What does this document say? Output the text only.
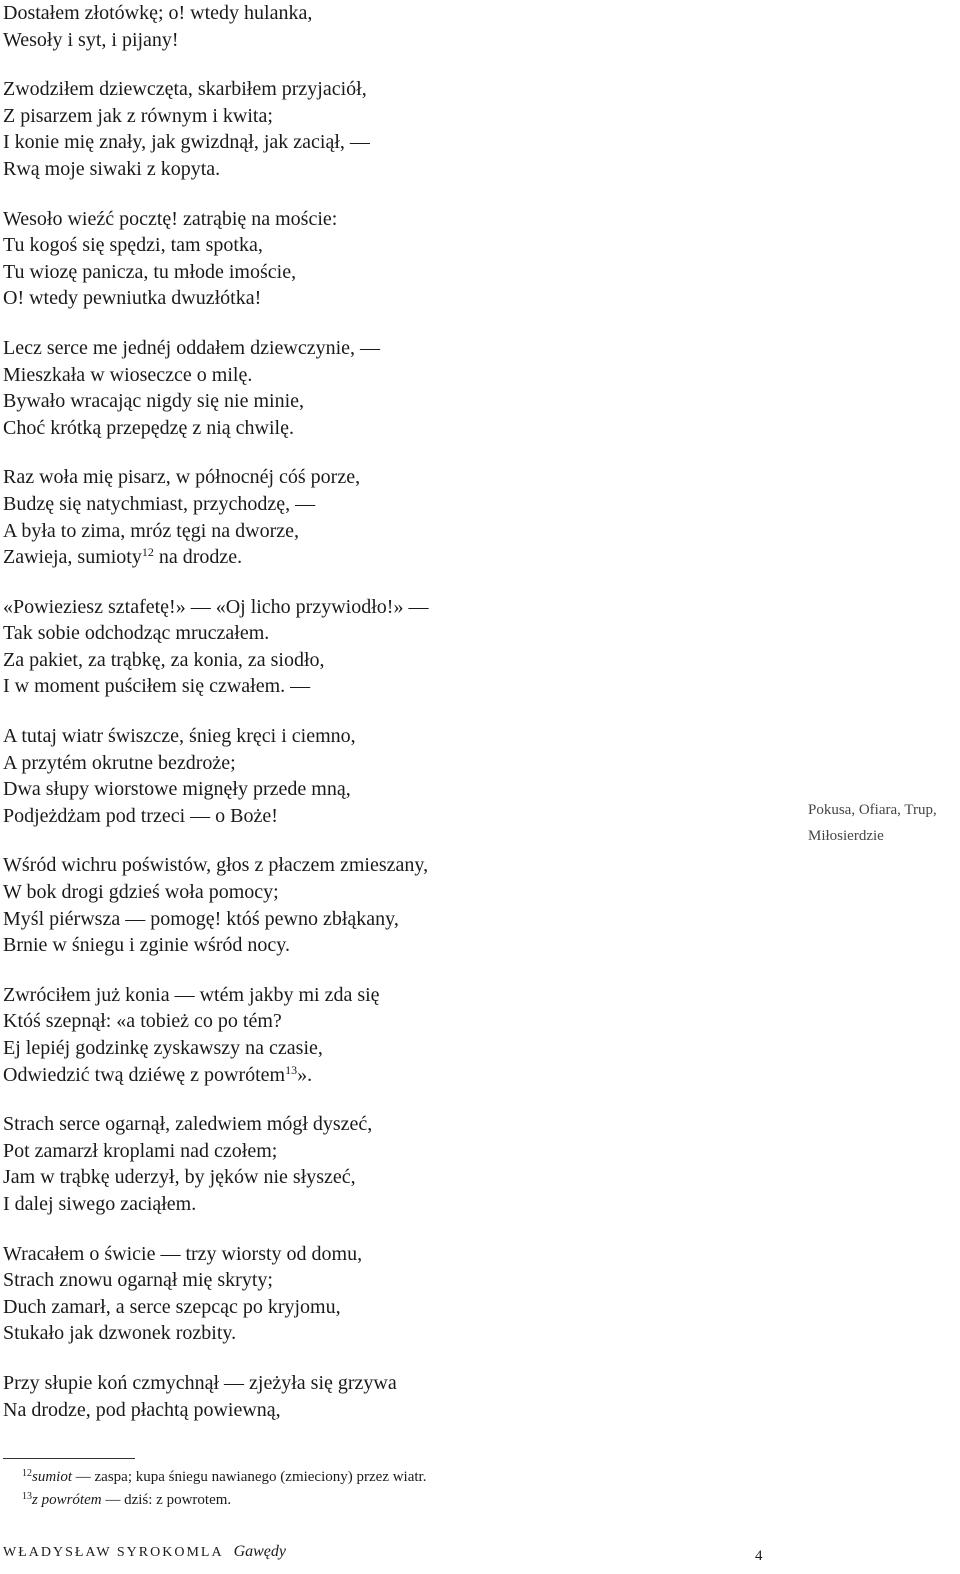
Dostałem złotówkę; o! wtedy hulanka,
Wesoły i syt, i pijany!
Zwodziłem dziewczęta, skarbiłem przyjaciół,
Z pisarzem jak z równym i kwita;
I konie mię znały, jak gwizdnął, jak zaciął, —
Rwą moje siwaki z kopyta.
Wesoło wieźć pocztę! zatrąbię na moście:
Tu kogoś się spędzi, tam spotka,
Tu wiozę panicza, tu młode imoście,
O! wtedy pewniutka dwuzłótka!
Lecz serce me jednéj oddałem dziewczynie, —
Mieszkała w wioseczce o milę.
Bywało wracając nigdy się nie minie,
Choć krótką przepędzę z nią chwilę.
Raz woła mię pisarz, w północnéj cóś porze,
Budzę się natychmiast, przychodzę, —
A była to zima, mróz tęgi na dworze,
Zawieja, sumioty$^{12}$ na drodze.
«Powieziesz sztafetę!» — «Oj licho przywiodło!» —
Tak sobie odchodząc mruczałem.
Za pakiet, za trąbkę, za konia, za siodło,
I w moment puściłem się czwałem. —
A tutaj wiatr świszcze, śnieg kręci i ciemno,
A przytém okrutne bezdroże;
Dwa słupy wiorstowe mignęły przede mną,
Podjeżdżam pod trzeci — o Boże!
Wśród wichru poświstów, głos z płaczem zmieszany,
W bok drogi gdzieś woła pomocy;
Myśl piérwsza — pomogę! któś pewno zbłąkany,
Brnie w śniegu i zginie wśród nocy.
Zwróciłem już konia — wtém jakby mi zda się
Któś szepnął: «a tobież co po tém?
Ej lepiéj godzinkę zyskawszy na czasie,
Odwiedzić twą dziéwę z powrótem$^{13}$».
Strach serce ogarnął, zaledwiem mógł dyszeć,
Pot zamarzł kroplami nad czołem;
Jam w trąbkę uderzył, by jęków nie słyszeć,
I dalej siwego zaciąłem.
Wracałem o świcie — trzy wiorsty od domu,
Strach znowu ogarnął mię skryty;
Duch zamarł, a serce szepcąc po kryjomu,
Stukało jak dzwonek rozbity.
Przy słupie koń czmychnął — zjeżyła się grzywa
Na drodze, pod płachtą powiewną,
Pokusa, Ofiara, Trup,
Miłosierdzie
$^{12}$sumiot — zaspa; kupa śniegu nawianego (zmieciony) przez wiatr.
$^{13}$z powrótem — dziś: z powrotem.
WŁADYSŁAW SYROKOMLA Gawędy	4
